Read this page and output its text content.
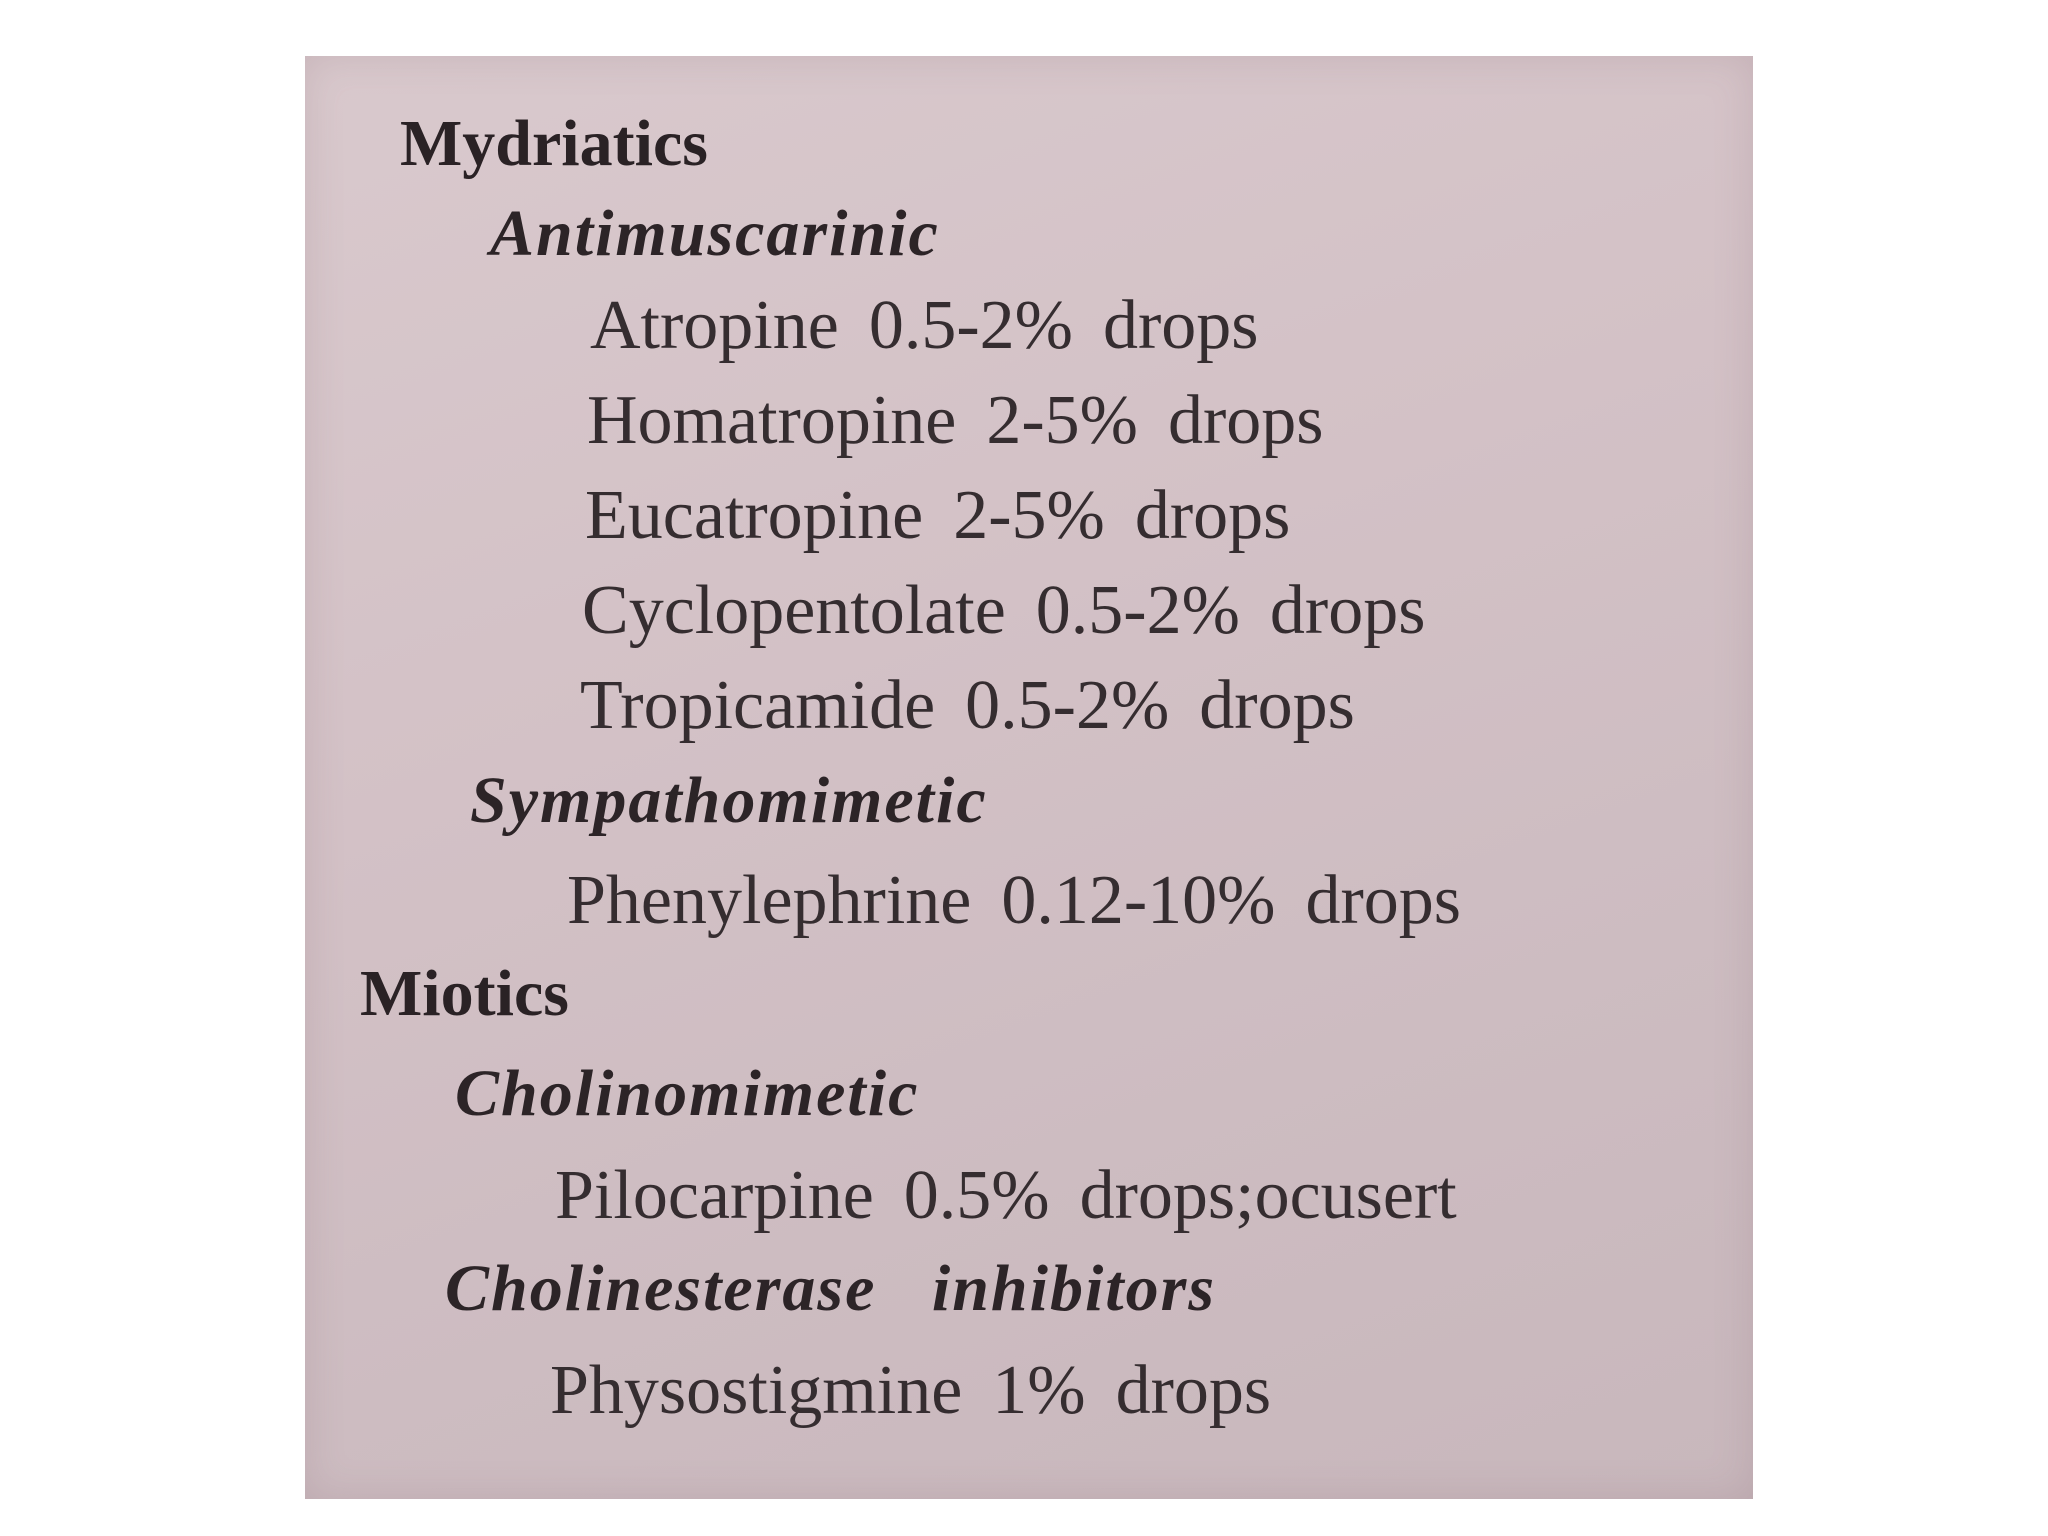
Mydriatics
Antimuscarinic
Atropine 0.5-2% drops
Homatropine 2-5% drops
Eucatropine 2-5% drops
Cyclopentolate 0.5-2% drops
Tropicamide 0.5-2% drops
Sympathomimetic
Phenylephrine 0.12-10% drops
Miotics
Cholinomimetic
Pilocarpine 0.5% drops;ocusert
Cholinesterase   inhibitors
Physostigmine 1% drops
